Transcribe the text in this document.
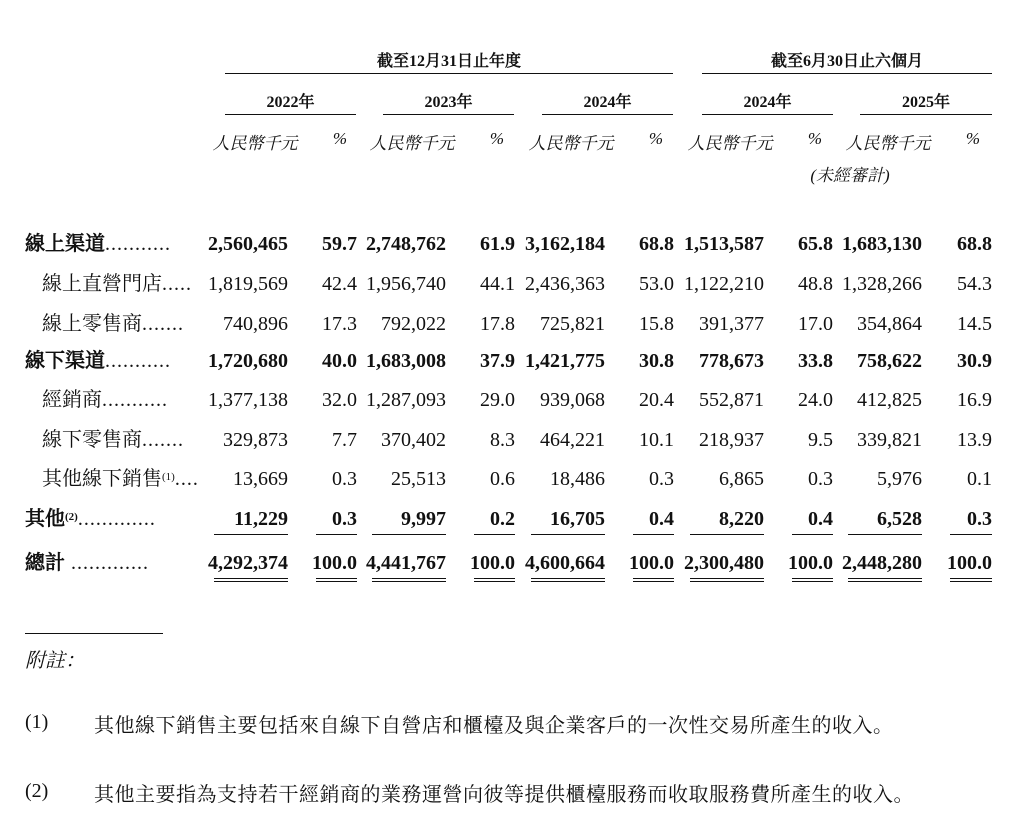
截至12月31日止年度	截至6月30日止六個月
2022年	2023年	2024年	2024年	2025年
人民幣千元	%	人民幣千元	%	人民幣千元	%	人民幣千元	%	人民幣千元	%
(未經審計)
線上渠道...........	2,560,465	59.7 2,748,762	61.9 3,162,184	68.8 1,513,587	65.8 1,683,130	68.8
線上直營門店..... 1,819,569	42.4 1,956,740	44.1 2,436,363	53.0 1,122,210	48.8 1,328,266	54.3
線上零售商.......	740,896	17.3	792,022	17.8	725,821	15.8	391,377	17.0	354,864	14.5
線下渠道...........	1,720,680	40.0 1,683,008	37.9 1,421,775	30.8	778,673	33.8	758,622	30.9
經銷商...........	1,377,138	32.0 1,287,093	29.0	939,068	20.4	552,871	24.0	412,825	16.9
線下零售商.......	329,873	7.7	370,402	8.3	464,221	10.1	218,937	9.5	339,821	13.9
其他線下銷售$^{(1)}$....	13,669	0.3	25,513	0.6	18,486	0.3	6,865	0.3	5,976	0.1
其他$^{(2)}$.............	11,229	0.3	9,997	0.2	16,705	0.4	8,220	0.4	6,528	0.3
總計 .............	4,292,374 100.0 4,441,767 100.0 4,600,664 100.0 2,300,480 100.0 2,448,280 100.0
附註：
(1) 其他線下銷售主要包括來自線下自營店和櫃檯及與企業客戶的一次性交易所產生的收入。
(2) 其他主要指為支持若干經銷商的業務運營向彼等提供櫃檯服務而收取服務費所產生的收入。
